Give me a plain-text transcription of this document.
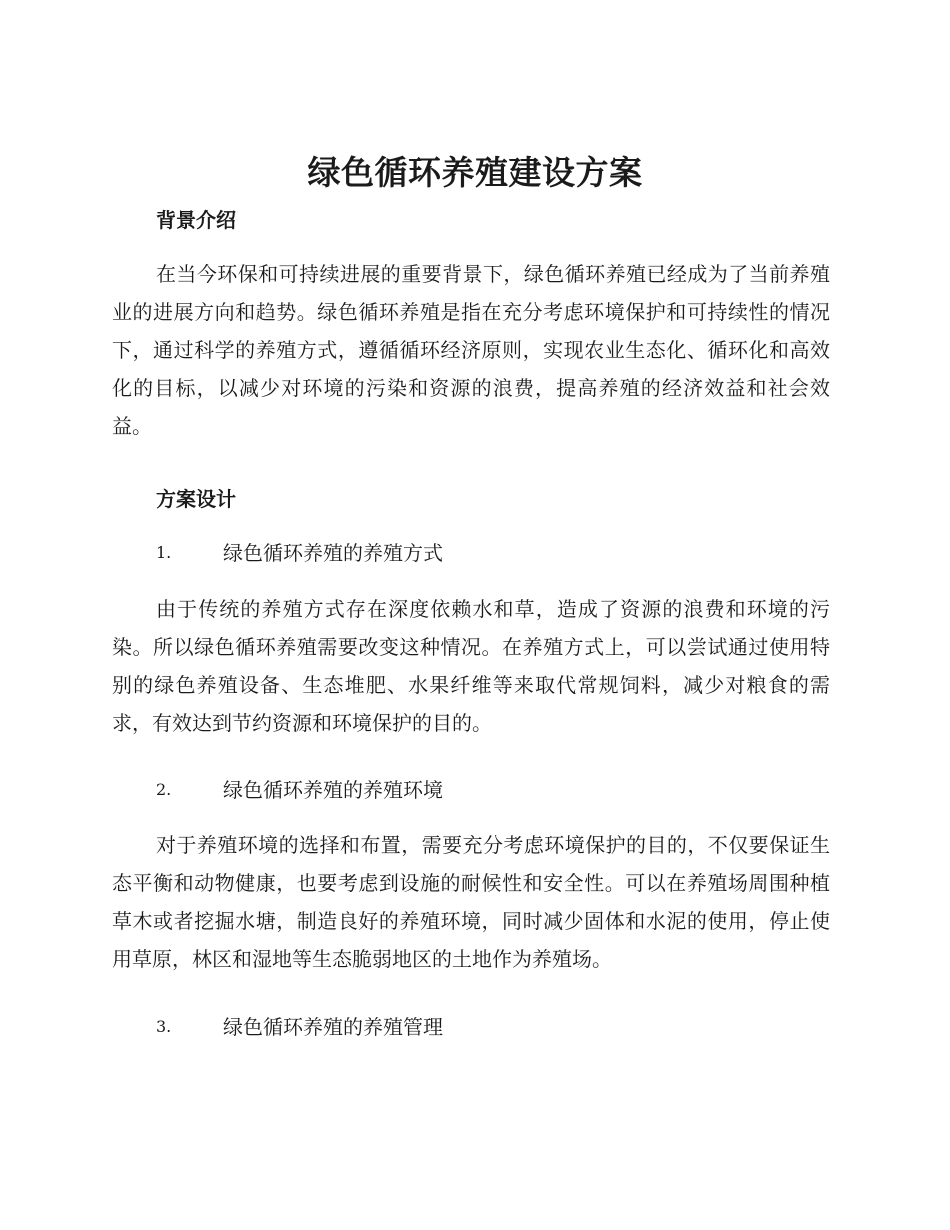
绿色循环养殖建设方案
背景介绍

在当今环保和可持续进展的重要背景下，绿色循环养殖已经成为了当前养殖业的进展方向和趋势。绿色循环养殖是指在充分考虑环境保护和可持续性的情况下，通过科学的养殖方式，遵循循环经济原则，实现农业生态化、循环化和高效化的目标，以减少对环境的污染和资源的浪费，提高养殖的经济效益和社会效益。

方案设计
1.	绿色循环养殖的养殖方式

由于传统的养殖方式存在深度依赖水和草，造成了资源的浪费和环境的污染。所以绿色循环养殖需要改变这种情况。在养殖方式上，可以尝试通过使用特别的绿色养殖设备、生态堆肥、水果纤维等来取代常规饲料，减少对粮食的需求，有效达到节约资源和环境保护的目的。

2.	绿色循环养殖的养殖环境

对于养殖环境的选择和布置，需要充分考虑环境保护的目的，不仅要保证生态平衡和动物健康，也要考虑到设施的耐候性和安全性。可以在养殖场周围种植草木或者挖掘水塘，制造良好的养殖环境，同时减少固体和水泥的使用，停止使用草原，林区和湿地等生态脆弱地区的土地作为养殖场。

3.	绿色循环养殖的养殖管理
